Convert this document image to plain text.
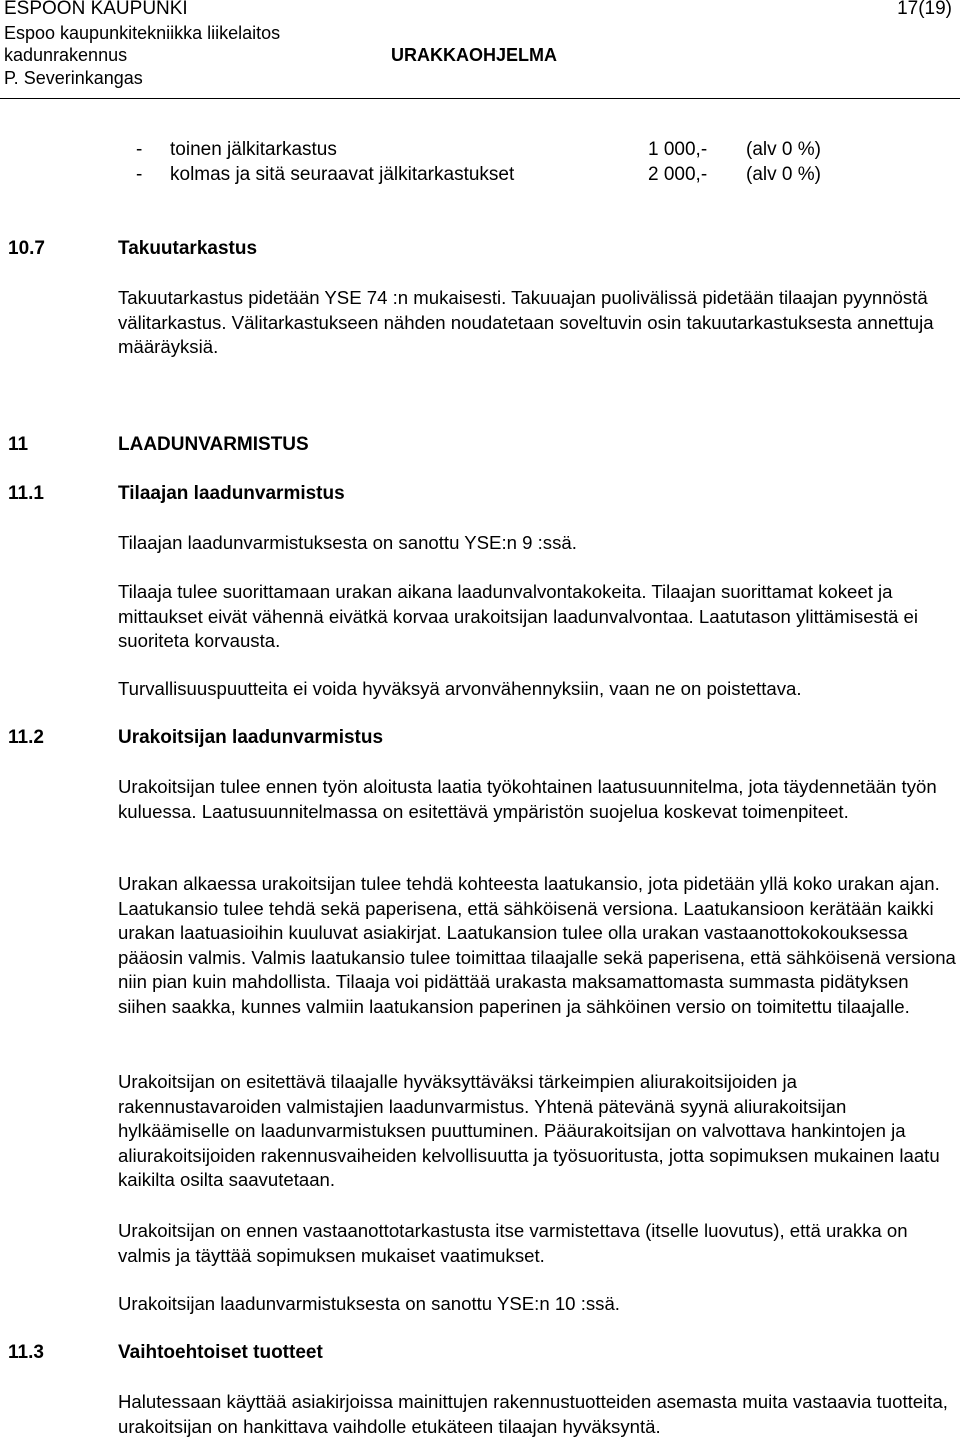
ESPOON KAUPUNKI	17(19)
Espoo kaupunkitekniikka liikelaitos
kadunrakennus	URAKKAOHJELMA
P. Severinkangas
- toinen jälkitarkastus	1 000,- (alv 0 %)
- kolmas ja sitä seuraavat jälkitarkastukset	2 000,- (alv 0 %)
10.7	Takuutarkastus

Takuutarkastus pidetään YSE 74 :n mukaisesti. Takuuajan puolivälissä pidetään tilaajan pyynnöstä välitarkastus. Välitarkastukseen nähden noudatetaan soveltuvin osin takuutarkastuksesta annettuja määräyksiä.

11	LAADUNVARMISTUS
11.1	Tilaajan laadunvarmistus

Tilaajan laadunvarmistuksesta on sanottu YSE:n 9 :ssä.

Tilaaja tulee suorittamaan urakan aikana laadunvalvontakokeita. Tilaajan suorittamat kokeet ja mittaukset eivät vähennä eivätkä korvaa urakoitsijan laadunvalvontaa. Laatutason ylittämisestä ei suoriteta korvausta.

Turvallisuuspuutteita ei voida hyväksyä arvonvähennyksiin, vaan ne on poistettava.

11.2	Urakoitsijan laadunvarmistus

Urakoitsijan tulee ennen työn aloitusta laatia työkohtainen laatusuunnitelma, jota täydennetään työn kuluessa. Laatusuunnitelmassa on esitettävä ympäristön suojelua koskevat toimenpiteet.

Urakan alkaessa urakoitsijan tulee tehdä kohteesta laatukansio, jota pidetään yllä koko urakan ajan. Laatukansio tulee tehdä sekä paperisena, että sähköisenä versiona. Laatukansioon kerätään kaikki urakan laatuasioihin kuuluvat asiakirjat. Laatukansion tulee olla urakan vastaanottokokouksessa pääosin valmis. Valmis laatukansio tulee toimittaa tilaajalle sekä paperisena, että sähköisenä versiona niin pian kuin mahdollista. Tilaaja voi pidättää urakasta maksamattomasta summasta pidätyksen siihen saakka, kunnes valmiin laatukansion paperinen ja sähköinen versio on toimitettu tilaajalle.

Urakoitsijan on esitettävä tilaajalle hyväksyttäväksi tärkeimpien aliurakoitsijoiden ja rakennustavaroiden valmistajien laadunvarmistus. Yhtenä pätevänä syynä aliurakoitsijan hylkäämiselle on laadunvarmistuksen puuttuminen. Pääurakoitsijan on valvottava hankintojen ja aliurakoitsijoiden rakennusvaiheiden kelvollisuutta ja työsuoritusta, jotta sopimuksen mukainen laatu kaikilta osilta saavutetaan.

Urakoitsijan on ennen vastaanottotarkastusta itse varmistettava (itselle luovutus), että urakka on valmis ja täyttää sopimuksen mukaiset vaatimukset.

Urakoitsijan laadunvarmistuksesta on sanottu YSE:n 10 :ssä.

11.3	Vaihtoehtoiset tuotteet

Halutessaan käyttää asiakirjoissa mainittujen rakennustuotteiden asemasta muita vastaavia tuotteita, urakoitsijan on hankittava vaihdolle etukäteen tilaajan hyväksyntä.
